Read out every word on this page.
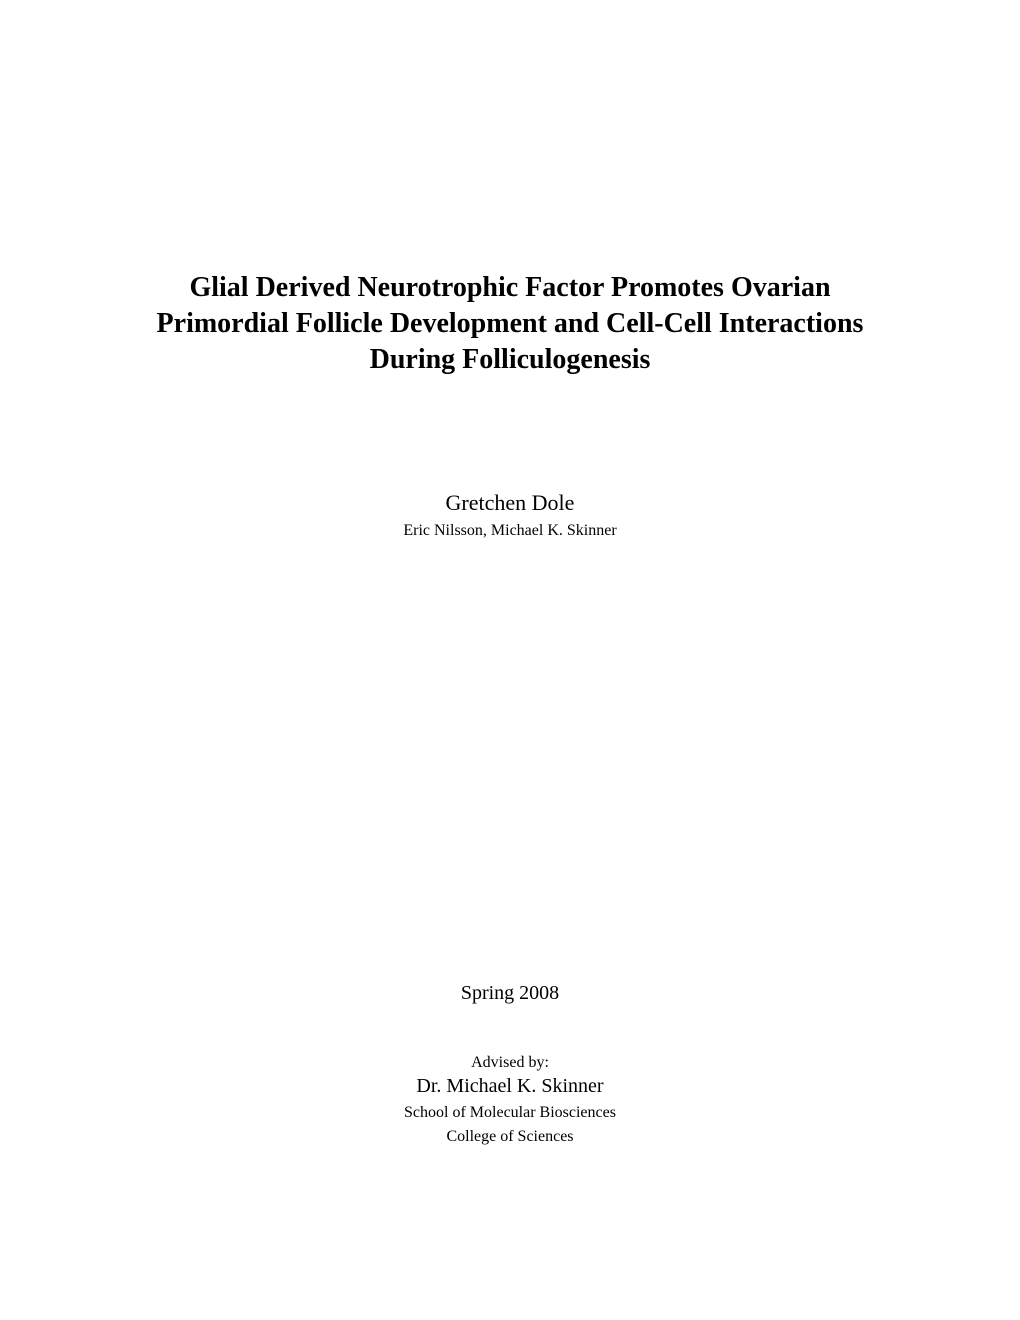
Glial Derived Neurotrophic Factor Promotes Ovarian
Primordial Follicle Development and Cell-Cell Interactions
During Folliculogenesis
Gretchen Dole
Eric Nilsson, Michael K. Skinner
Spring 2008
Advised by:
Dr. Michael K. Skinner
School of Molecular Biosciences
College of Sciences
